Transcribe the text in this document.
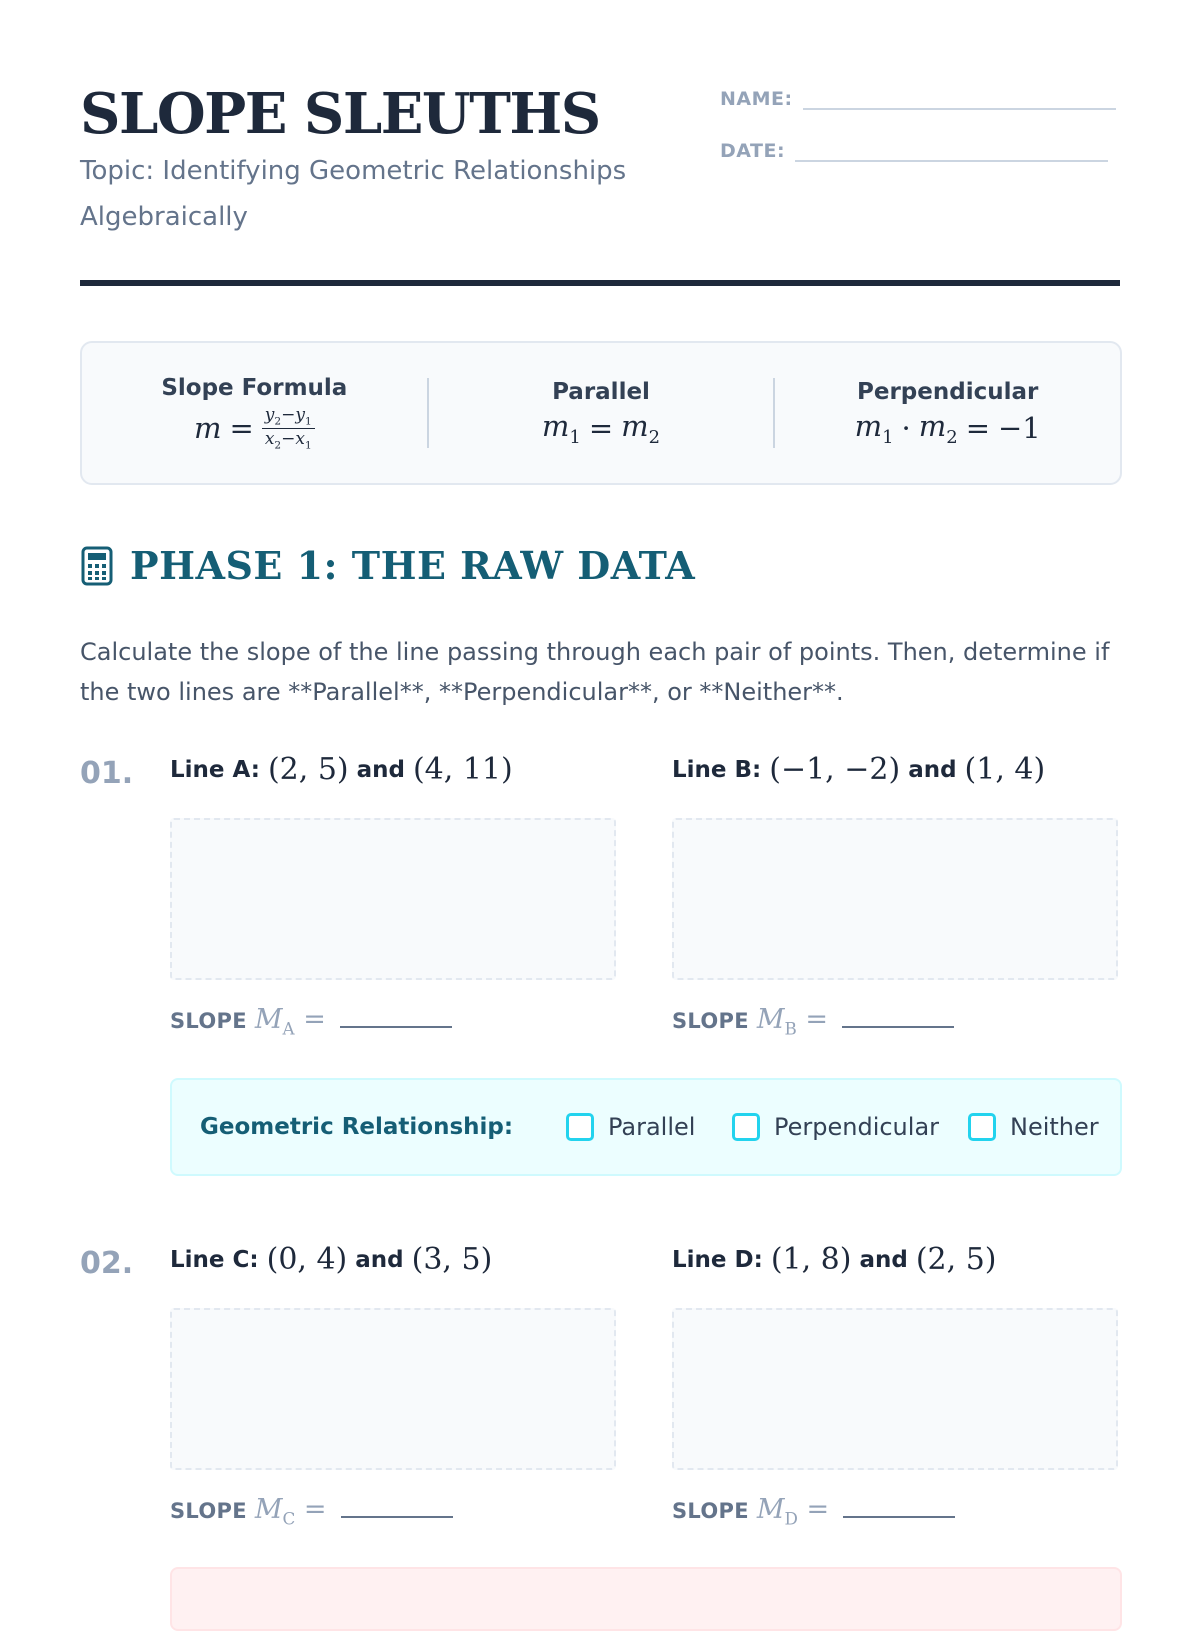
SLOPE SLEUTHS
Topic: Identifying Geometric Relationships Algebraically
NAME:
DATE:
Slope Formula
$m = \frac{y_2-y_1}{x_2-x_1}$
Parallel
$m_1 = m_2$
Perpendicular
$m_1 \cdot m_2 = -1$
PHASE 1: THE RAW DATA
Calculate the slope of the line passing through each pair of points. Then, determine if the two lines are **Parallel**, **Perpendicular**, or **Neither**.
01. Line A: (2, 5) and (4, 11)	Line B: (−1, −2) and (1, 4)
SLOPE $M_A$ =	SLOPE $M_B$ =
Geometric Relationship:	Parallel	Perpendicular	Neither
02. Line C: (0, 4) and (3, 5)	Line D: (1, 8) and (2, 5)
SLOPE $M_C$ =	SLOPE $M_D$ =
